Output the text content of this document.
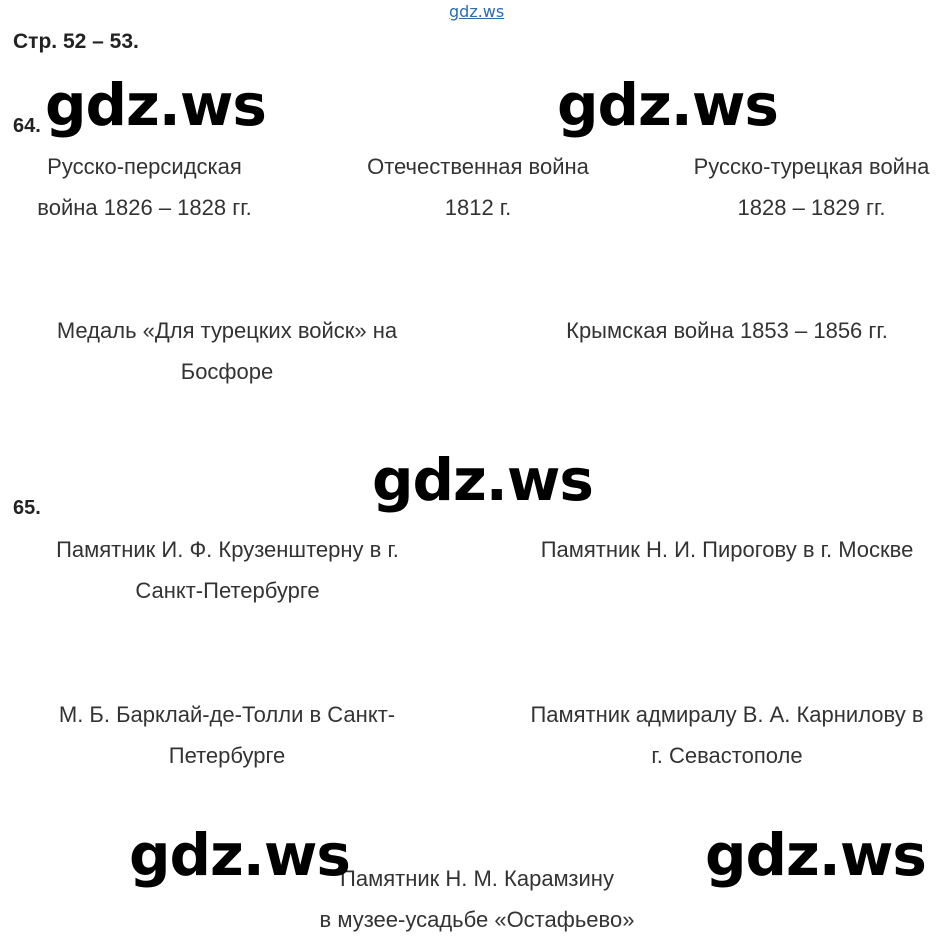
gdz.ws
Стр. 52 – 53.
64.
Русско-персидская
война 1826 – 1828 гг.
Отечественная война
1812 г.
Русско-турецкая война
1828 – 1829 гг.
Медаль «Для турецких войск» на
Босфоре
Крымская война 1853 – 1856 гг.
65.
Памятник И. Ф. Крузенштерну в г.
Санкт-Петербурге
Памятник Н. И. Пирогову в г. Москве
М. Б. Барклай-де-Толли в Санкт-
Петербурге
Памятник адмиралу В. А. Карнилову в
г. Севастополе
Памятник Н. М. Карамзину
в музее-усадьбе «Остафьево»
gdz.ws	gdz.ws
gdz.ws
gdz.ws	gdz.ws
